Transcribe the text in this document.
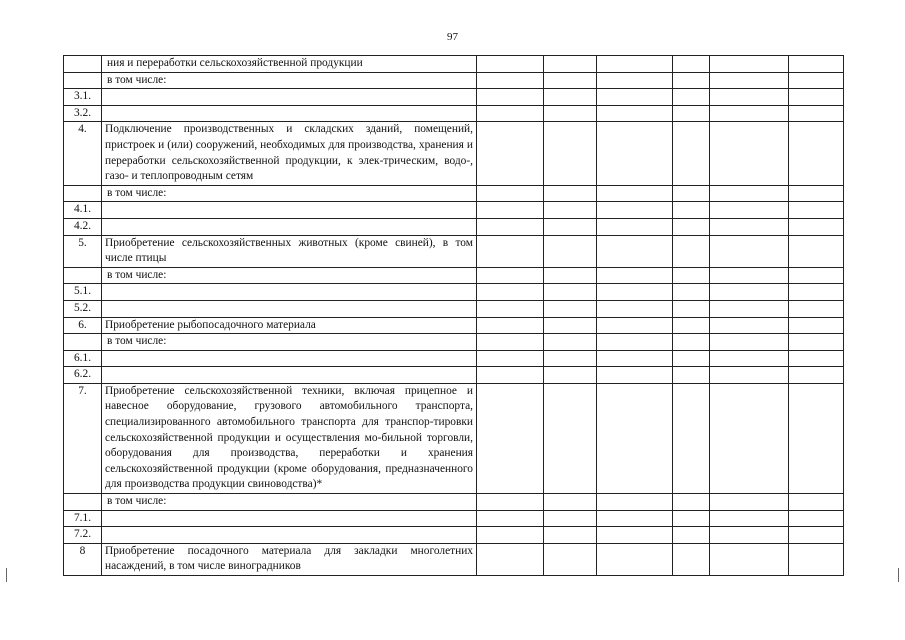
97
	ния и переработки сельскохозяйственной продукции						
	в том числе:						
3.1.							
3.2.							
4.	Подключение производственных и складских зданий, помещений, пристроек и (или) сооружений, необходимых для производства, хранения и переработки сельскохозяйственной продукции, к элек-трическим, водо-, газо- и теплопроводным сетям						
	в том числе:						
4.1.							
4.2.							
5.	Приобретение сельскохозяйственных животных (кроме свиней), в том числе птицы						
	в том числе:						
5.1.							
5.2.							
6.	Приобретение рыбопосадочного материала						
	в том числе:						
6.1.							
6.2.							
7.	Приобретение сельскохозяйственной техники, включая прицепное и навесное оборудование, грузового автомобильного транспорта, специализированного автомобильного транспорта для транспор-тировки сельскохозяйственной продукции и осуществления мо-бильной торговли, оборудования для производства, переработки и хранения сельскохозяйственной продукции (кроме оборудования, предназначенного для производства продукции свиноводства)*						
	в том числе:						
7.1.							
7.2.							
8	Приобретение посадочного материала для закладки многолетних насаждений, в том числе виноградников						
